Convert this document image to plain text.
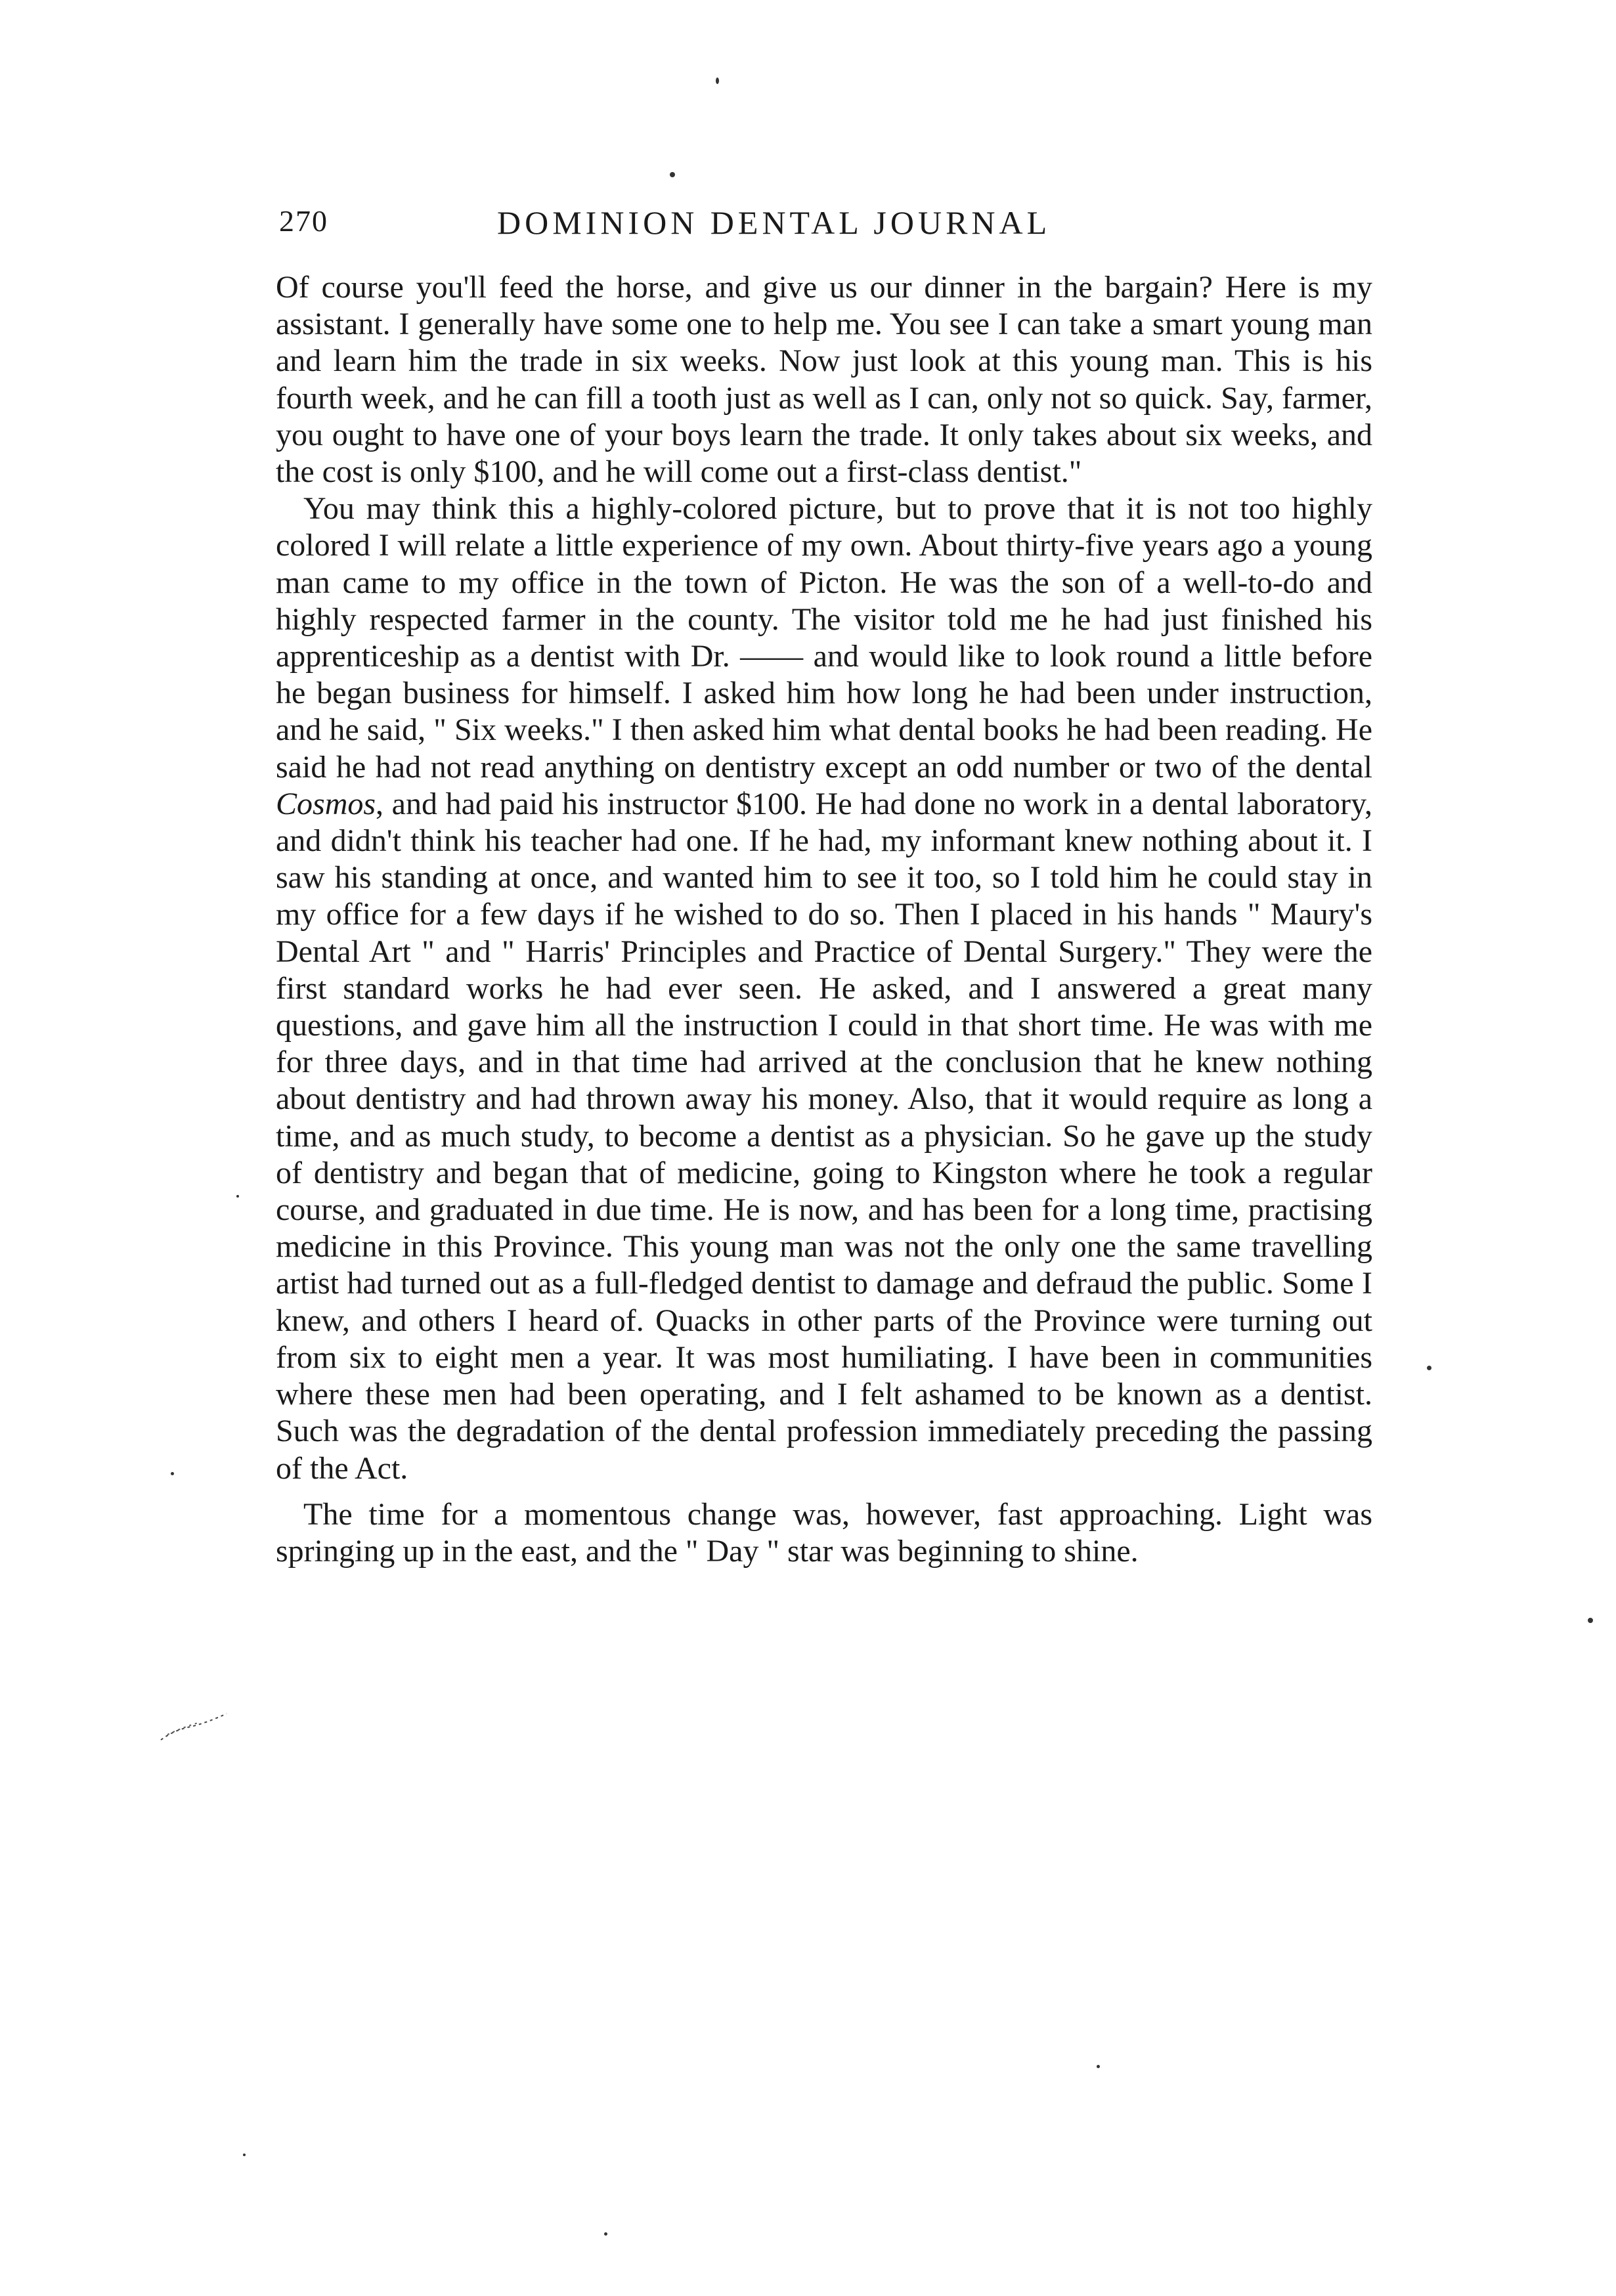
270	DOMINION DENTAL JOURNAL

Of course you'll feed the horse, and give us our dinner in the bargain? Here is my assistant. I generally have some one to help me. You see I can take a smart young man and learn him the trade in six weeks. Now just look at this young man. This is his fourth week, and he can fill a tooth just as well as I can, only not so quick. Say, farmer, you ought to have one of your boys learn the trade. It only takes about six weeks, and the cost is only $100, and he will come out a first-class dentist."

You may think this a highly-colored picture, but to prove that it is not too highly colored I will relate a little experience of my own. About thirty-five years ago a young man came to my office in the town of Picton. He was the son of a well-to-do and highly respected farmer in the county. The visitor told me he had just finished his apprenticeship as a dentist with Dr. —— and would like to look round a little before he began business for himself. I asked him how long he had been under instruction, and he said, " Six weeks." I then asked him what dental books he had been reading. He said he had not read anything on dentistry except an odd number or two of the dental Cosmos, and had paid his instructor $100. He had done no work in a dental laboratory, and didn't think his teacher had one. If he had, my informant knew nothing about it. I saw his standing at once, and wanted him to see it too, so I told him he could stay in my office for a few days if he wished to do so. Then I placed in his hands " Maury's Dental Art " and " Harris' Principles and Practice of Dental Surgery." They were the first standard works he had ever seen. He asked, and I answered a great many questions, and gave him all the instruction I could in that short time. He was with me for three days, and in that time had arrived at the conclusion that he knew nothing about dentistry and had thrown away his money. Also, that it would require as long a time, and as much study, to become a dentist as a physician. So he gave up the study of dentistry and began that of medicine, going to Kingston where he took a regular course, and graduated in due time. He is now, and has been for a long time, practising medicine in this Province. This young man was not the only one the same travelling artist had turned out as a full-fledged dentist to damage and defraud the public. Some I knew, and others I heard of. Quacks in other parts of the Province were turning out from six to eight men a year. It was most humiliating. I have been in communities where these men had been operating, and I felt ashamed to be known as a dentist. Such was the degradation of the dental profession immediately preceding the passing of the Act.

The time for a momentous change was, however, fast approaching. Light was springing up in the east, and the " Day " star was beginning to shine.
